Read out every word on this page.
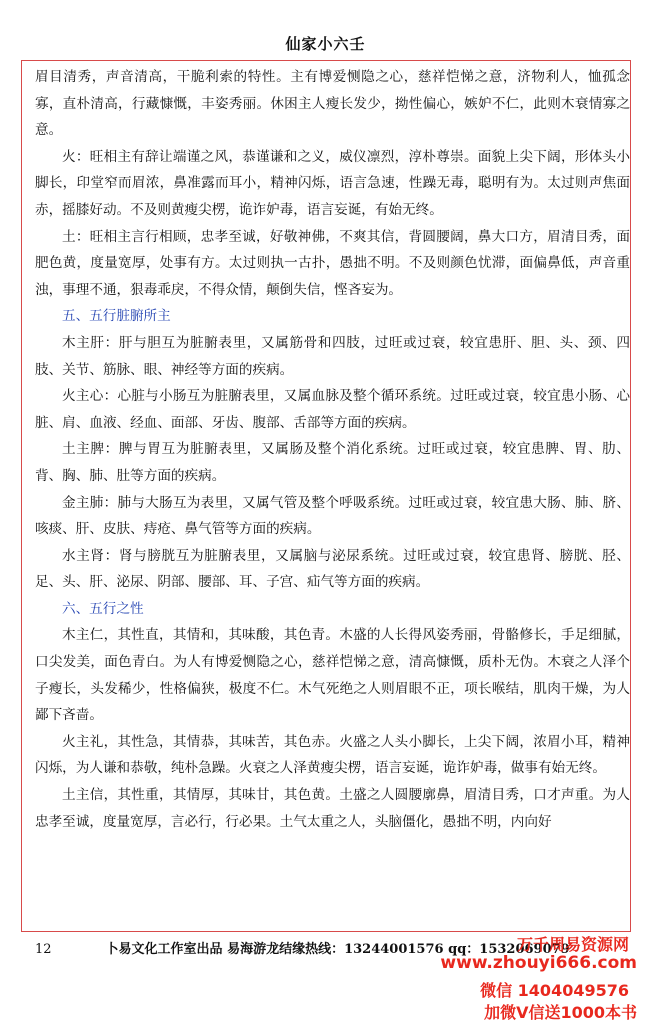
仙家小六壬

眉目清秀，声音清高，干脆利索的特性。主有博爱恻隐之心，慈祥恺悌之意，济物利人，恤孤念寡，直朴清高，行藏慷慨，丰姿秀丽。休困主人瘦长发少，拗性偏心，嫉妒不仁，此则木衰情寡之意。

火：旺相主有辞让端谨之风，恭谨谦和之义，威仪凛烈，淳朴尊崇。面貌上尖下阔，形体头小脚长，印堂窄而眉浓，鼻准露而耳小，精神闪烁，语言急速，性躁无毒，聪明有为。太过则声焦面赤，摇膝好动。不及则黄瘦尖楞，诡诈妒毒，语言妄诞，有始无终。

土：旺相主言行相顾，忠孝至诚，好敬神佛，不爽其信，背圆腰阔，鼻大口方，眉清目秀，面肥色黄，度量宽厚，处事有方。太过则执一古扑，愚拙不明。不及则颜色忧滞，面偏鼻低，声音重浊，事理不通，狠毒乖戾，不得众情，颠倒失信，悭吝妄为。

五、五行脏腑所主

木主肝：肝与胆互为脏腑表里，又属筋骨和四肢，过旺或过衰，较宜患肝、胆、头、颈、四肢、关节、筋脉、眼、神经等方面的疾病。

火主心：心脏与小肠互为脏腑表里，又属血脉及整个循环系统。过旺或过衰，较宜患小肠、心脏、肩、血液、经血、面部、牙齿、腹部、舌部等方面的疾病。

土主脾：脾与胃互为脏腑表里，又属肠及整个消化系统。过旺或过衰，较宜患脾、胃、肋、背、胸、肺、肚等方面的疾病。

金主肺：肺与大肠互为表里，又属气管及整个呼吸系统。过旺或过衰，较宜患大肠、肺、脐、咳痰、肝、皮肤、痔疮、鼻气管等方面的疾病。

水主肾：肾与膀胱互为脏腑表里，又属脑与泌尿系统。过旺或过衰，较宜患肾、膀胱、胫、足、头、肝、泌尿、阴部、腰部、耳、子宫、疝气等方面的疾病。

六、五行之性

木主仁，其性直，其情和，其味酸，其色青。木盛的人长得风姿秀丽，骨骼修长，手足细腻，口尖发美，面色青白。为人有博爱恻隐之心，慈祥恺悌之意，清高慷慨，质朴无伪。木衰之人泽个子瘦长，头发稀少，性格偏狭，极度不仁。木气死绝之人则眉眼不正，项长喉结，肌肉干燥，为人鄙下吝啬。

火主礼，其性急，其情恭，其味苦，其色赤。火盛之人头小脚长，上尖下阔，浓眉小耳，精神闪烁，为人谦和恭敬，纯朴急躁。火衰之人泽黄瘦尖楞，语言妄诞，诡诈妒毒，做事有始无终。

土主信，其性重，其情厚，其味甘，其色黄。土盛之人圆腰廓鼻，眉清目秀，口才声重。为人忠孝至诚，度量宽厚，言必行，行必果。土气太重之人，头脑僵化，愚拙不明，内向好

12	卜易文化工作室出品 易海游龙结缘热线：13244001576 qq：1532069079
万千周易资源网
www.zhouyi666.com
微信 1404049576
加微V信送1000本书
